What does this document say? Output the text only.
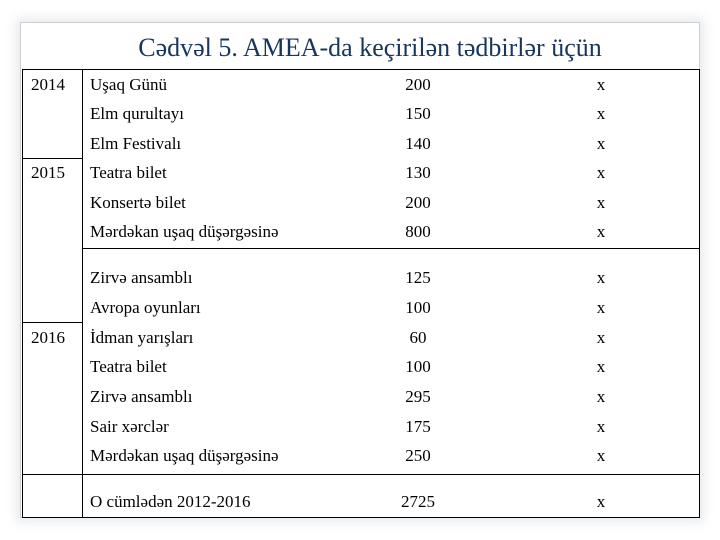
Cədvəl 5. AMEA-da keçirilən tədbirlər üçün
2014 Uşaq Günü	200	x
Elm qurultayı	150	x
Elm Festivalı	140	x
2015 Teatra bilet	130	x
Konsertə bilet	200	x
Mərdəkan uşaq düşərgəsinə	800	x
Zirvə ansamblı	125	x
Avropa oyunları	100	x
2016 İdman yarışları	60	x
Teatra bilet	100	x
Zirvə ansamblı	295	x
Sair xərclər	175	x
Mərdəkan uşaq düşərgəsinə	250	x
O cümlədən 2012-2016	2725	x
